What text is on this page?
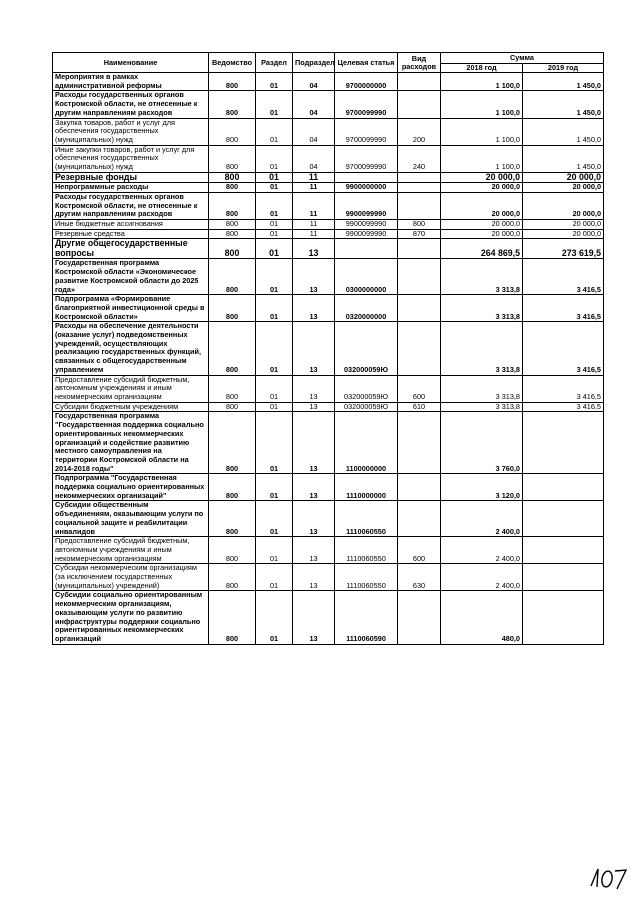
Наименование	Ведомство	Раздел	Подраздел	Целевая статья	Вид расходов	Сумма	
						2018 год	2019 год
Мероприятия в рамках административной реформы	800	01	04	9700000000		1 100,0	1 450,0
Расходы государственных органов Костромской области, не отнесенные к другим направлениям расходов	800	01	04	9700099990		1 100,0	1 450,0
Закупка товаров, работ и услуг для обеспечения государственных (муниципальных) нужд	800	01	04	9700099990	200	1 100,0	1 450,0
Иные закупки товаров, работ и услуг для обеспечения государственных (муниципальных) нужд	800	01	04	9700099990	240	1 100,0	1 450,0
Резервные фонды	800	01	11			20 000,0	20 000,0
Непрограммные расходы	800	01	11	9900000000		20 000,0	20 000,0
Расходы государственных органов Костромской области, не отнесенные к другим направлениям расходов	800	01	11	9900099990		20 000,0	20 000,0
Иные бюджетные ассигнования	800	01	11	9900099990	800	20 000,0	20 000,0
Резервные средства	800	01	11	9900099990	870	20 000,0	20 000,0
Другие общегосударственные вопросы	800	01	13			264 869,5	273 619,5
Государственная программа Костромской области «Экономическое развитие Костромской области до 2025 года»	800	01	13	0300000000		3 313,8	3 416,5
Подпрограмма «Формирование благоприятной инвестиционной среды в Костромской области»	800	01	13	0320000000		3 313,8	3 416,5
Расходы на обеспечение деятельности (оказание услуг) подведомственных учреждений, осуществляющих реализацию государственных функций, связанных с общегосударственным управлением	800	01	13	032000059Ю		3 313,8	3 416,5
Предоставление субсидий бюджетным, автономным учреждениям и иным некоммерческим организациям	800	01	13	032000059Ю	600	3 313,8	3 416,5
Субсидии бюджетным учреждениям	800	01	13	032000059Ю	610	3 313,8	3 416,5
Государственная программа "Государственная поддержка социально ориентированных некоммерческих организаций и содействие развитию местного самоуправления на территории Костромской области на 2014-2018 годы"	800	01	13	1100000000		3 760,0	
Подпрограмма "Государственная поддержка социально ориентированных некоммерческих организаций"	800	01	13	1110000000		3 120,0	
Субсидии общественным объединениям, оказывающим услуги по социальной защите и реабилитации инвалидов	800	01	13	1110060550		2 400,0	
Предоставление субсидий бюджетным, автономным учреждениям и иным некоммерческим организациям	800	01	13	1110060550	600	2 400,0	
Субсидии некоммерческим организациям (за исключением государственных (муниципальных) учреждений)	800	01	13	1110060550	630	2 400,0	
Субсидии социально ориентированным некоммерческим организациям, оказывающим услуги по развитию инфраструктуры поддержки социально ориентированных некоммерческих организаций	800	01	13	1110060590		480,0	
